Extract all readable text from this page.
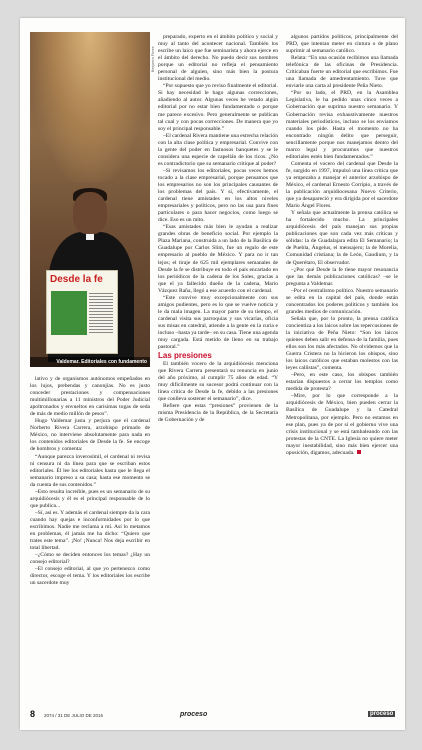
Desde la fe
Valdemar. Editoriales con fundamento
Benjamín Flores

lativo y de organismos autónomos empeñados en los lujos, prebendas y canonjías. No es justo conceder prestaciones y compensaciones multimillonarias a 11 ministros del Poder Judicial apoltronados y envueltos en carísimas togas de seda de más de medio millón de pesos”.

Hugo Valdemar justa y perjura que el cardenal Norberto Rivera Carrera, arzobispo primado de México, no interviene absolutamente para nada en los contenidos editoriales de Desde la fe. Se encoge de hombros y comenta:

“Aunque parezca inverosímil, el cardenal ni revisa ni censura ni da línea para que se escriban estos editoriales. Él lee los editoriales hasta que le llega el semanario impreso a su casa; hasta ese momento se da cuenta de sus contenidos.”

–Esto resulta increíble, pues es un semanario de su arquidiócesis y él es el principal responsable de lo que publica...

–Sí, así es. Y además el cardenal siempre da la cara cuando hay quejas e inconformidades por lo que escribimos. Nadie me reclama a mí. Así lo metamos en problemas, él jamás me ha dicho: “Quiero que trates este tema”. ¡No! ¡Nunca! Nos deja escribir en total libertad.

–¿Cómo se deciden entonces los temas? ¿Hay un consejo editorial?

–El consejo editorial, al que yo pertenezco como director, escoge el tema. Y los editoriales los escribe un sacerdote muy

preparado, experto en el ámbito político y social y muy al tanto del acontecer nacional. También los escribe un laico que fue seminarista y ahora ejerce en el ámbito del derecho. No puedo decir sus nombres porque un editorial no refleja el pensamiento personal de alguien, sino más bien la postura institucional del medio.

“Por supuesto que yo reviso finalmente el editorial. Si hay necesidad le hago algunas correcciones, añadiendo al autor. Algunas veces he vetado algún editorial por no estar bien fundamentado o porque me parece excesivo. Pero generalmente se publican tal cual y con pocas correcciones. De manera que yo soy el principal responsable.”

–El cardenal Rivera mantiene una estrecha relación con la alta clase política y empresarial. Convive con la gente del poder en fastuosos banquetes y se le considera una especie de capellán de los ricos. ¿No es contradictorio que su semanario critique al poder?

–Si revisamos los editoriales, pocas veces hemos tocado a la clase empresarial, porque pensamos que los empresarios no son los principales causantes de los problemas del país. Y sí, efectivamente, el cardenal tiene amistades en los altos niveles empresariales y políticos, pero no las usa para fines particulares o para hacer negocios, como luego se dice. Eso es un mito.

“Esas amistades más bien le ayudan a realizar grandes obras de beneficio social. Por ejemplo la Plaza Mariana, construida a un lado de la Basílica de Guadalupe por Carlos Slim, fue un regalo de este empresario al pueblo de México. Y para no ir tan lejos; el tiraje de 625 mil ejemplares semanales de Desde la fe se distribuye en todo el país encartado en los periódicos de la cadena de los Soles, gracias a que el ya fallecido dueño de la cadena, Mario Vázquez Raña, llegó a ese acuerdo con el cardenal.

“Este convive muy excepcionalmente con sus amigos pudientes, pero es lo que se vuelve noticia y le da mala imagen. La mayor parte de su tiempo, el cardenal visita sus parroquias y sus vicarías, oficia sus misas en catedral, atiende a la gente en la curia e incluso –hasta ya tarde– en su casa. Tiene una agenda muy cargada. Está metido de lleno en su trabajo pastoral.”

Las presiones

El también vocero de la arquidiócesis menciona que Rivera Carrera presentará su renuncia en junio del año próximo, al cumplir 75 años de edad. “Y muy difícilmente su sucesor podrá continuar con la línea crítica de Desde la fe, debido a las presiones que conlleva sostener el semanario”, dice.

Refiere que estas “presiones” provienen de la misma Presidencia de la República, de la Secretaría de Gobernación y de

algunos partidos políticos, principalmente del PRD, que intentan meter en cintura o de plano suprimir al semanario católico.

Relata: “En una ocasión recibimos una llamada telefónica de las oficinas de Presidencia. Criticaban fuerte un editorial que escribimos. Fue una llamada de amedrentamiento. Tuve que enviarle una carta al presidente Peña Nieto.

“Por su lado, el PRD, en la Asamblea Legislativa, le ha pedido unas cinco veces a Gobernación que suprima nuestro semanario. Y Gobernación revisa exhaustivamente nuestros materiales periodísticos, incluso se los enviamos cuando los pide. Hasta el momento no ha encontrado ningún delito que perseguir, sencillamente porque nos manejamos dentro del marco legal y procuramos que nuestros editoriales estén bien fundamentados.”

Comenta el vocero del cardenal que Desde la fe, surgido en 1997, impulsó una línea crítica que ya empezaba a manejar el anterior arzobispo de México, el cardenal Ernesto Corripio, a través de la publicación arquidiocesana Nuevo Criterio, que ya desapareció y era dirigida por el sacerdote Mario Ángel Flores.

Y señala que actualmente la prensa católica se ha fortalecido mucho. La principales arquidiócesis del país manejan sus propias publicaciones que son cada vez más críticas y sólidas: la de Guadalajara edita El Semanario; la de Puebla, Ángelus, el mensajero; la de Morelia, Comunidad cristiana; la de León, Gaudium, y la de Querétaro, El observador.

–¿Por qué Desde la fe tiene mayor resonancia que las demás publicaciones católicas? –se le pregunta a Valdemar.

–Por el centralismo político. Nuestro semanario se edita en la capital del país, donde están concentrados los poderes políticos y también los grandes medios de comunicación.

Señala que, por lo pronto, la prensa católica concientiza a los laicos sobre las repercusiones de la iniciativa de Peña Nieto: “Son los laicos quienes deben salir en defensa de la familia, pues ellos son los más afectados. No olvidemos que la Guerra Cristera no la hicieron los obispos, sino los laicos católicos que estaban molestos con las leyes callistas”, comenta.

–Pero, en este caso, los obispos también estarían dispuestos a cerrar los templos como medida de protesta?

–Mire, por lo que corresponde a la arquidiócesis de México, bien pueden cerrar la Basílica de Guadalupe y la Catedral Metropolitana, por ejemplo. Pero no estamos en ese plan, pues ya de por sí el gobierno vive una crisis institucional y se está tambaleando con las protestas de la CNTE. La Iglesia no quiere meter mayor inestabilidad, sino más bien ejercer una oposición, digamos, adecuada.

8 2074 / 31 DE JULIO DE 2016	proceso	proceso
